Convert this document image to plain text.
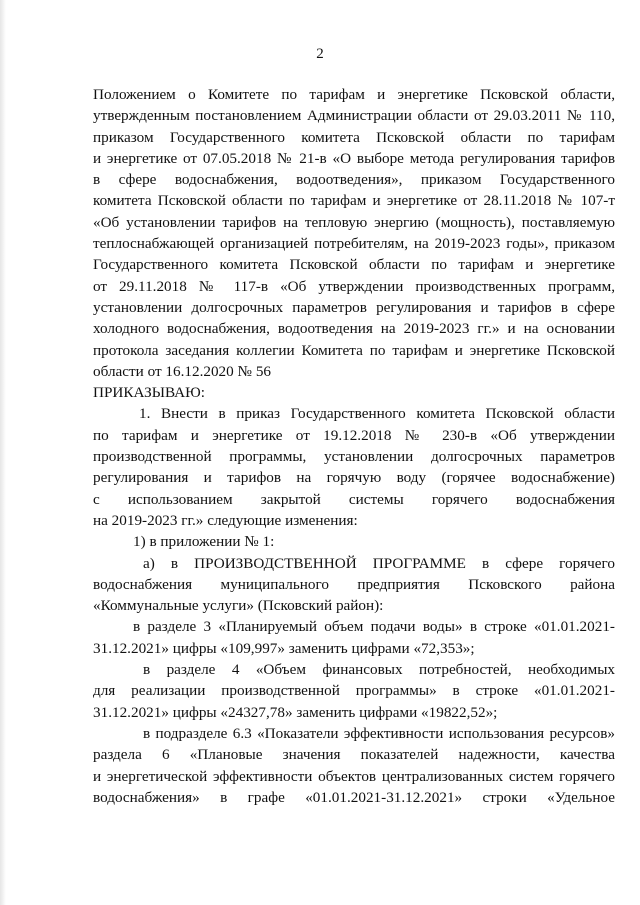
2

Положением о Комитете по тарифам и энергетике Псковской области,

утвержденным постановлением Администрации области от 29.03.2011 № 110,

приказом Государственного комитета Псковской области по тарифам

и энергетике от 07.05.2018 № 21-в «О выборе метода регулирования тарифов

в сфере водоснабжения, водоотведения», приказом Государственного

комитета Псковской области по тарифам и энергетике от 28.11.2018 № 107-т

«Об установлении тарифов на тепловую энергию (мощность), поставляемую

теплоснабжающей организацией потребителям, на 2019-2023 годы», приказом

Государственного комитета Псковской области по тарифам и энергетике

от 29.11.2018 № 117-в «Об утверждении производственных программ,

установлении долгосрочных параметров регулирования и тарифов в сфере

холодного водоснабжения, водоотведения на 2019-2023 гг.» и на основании

протокола заседания коллегии Комитета по тарифам и энергетике Псковской

области от 16.12.2020 № 56

ПРИКАЗЫВАЮ:

1. Внести в приказ Государственного комитета Псковской области

по тарифам и энергетике от 19.12.2018 № 230-в «Об утверждении

производственной программы, установлении долгосрочных параметров

регулирования и тарифов на горячую воду (горячее водоснабжение)

с использованием закрытой системы горячего водоснабжения

на 2019-2023 гг.» следующие изменения:

1) в приложении № 1:

а) в ПРОИЗВОДСТВЕННОЙ ПРОГРАММЕ в сфере горячего

водоснабжения муниципального предприятия Псковского района

«Коммунальные услуги» (Псковский район):

в разделе 3 «Планируемый объем подачи воды» в строке «01.01.2021-

31.12.2021» цифры «109,997» заменить цифрами «72,353»;

в разделе 4 «Объем финансовых потребностей, необходимых

для реализации производственной программы» в строке «01.01.2021-

31.12.2021» цифры «24327,78» заменить цифрами «19822,52»;

в подразделе 6.3 «Показатели эффективности использования ресурсов»

раздела 6 «Плановые значения показателей надежности, качества

и энергетической эффективности объектов централизованных систем горячего

водоснабжения» в графе «01.01.2021-31.12.2021» строки «Удельное
